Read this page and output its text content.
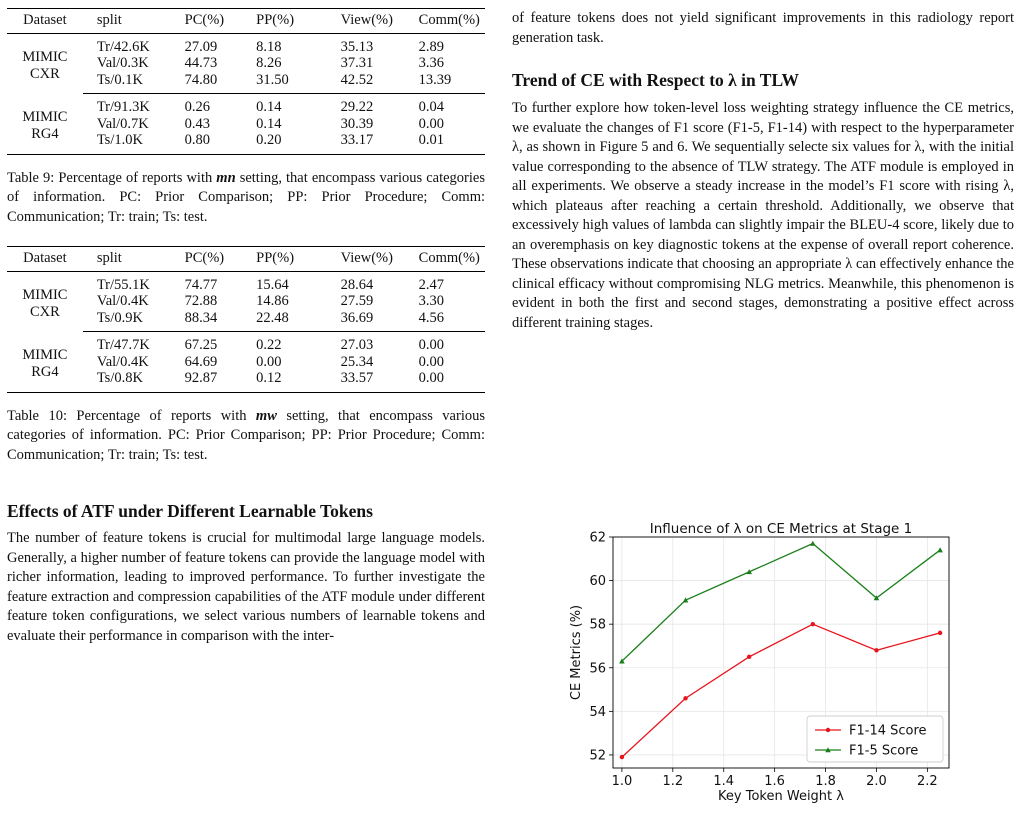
Dataset	split	PC(%)	PP(%)	View(%)	Comm(%)

MIMIC
CXR	Tr/42.6K	27.09	8.18	35.13	2.89
	Val/0.3K	44.73	8.26	37.31	3.36
	Ts/0.1K	74.80	31.50	42.52	13.39

MIMIC
RG4	Tr/91.3K	0.26	0.14	29.22	0.04
	Val/0.7K	0.43	0.14	30.39	0.00
	Ts/1.0K	0.80	0.20	33.17	0.01

Table 9: Percentage of reports with mn setting, that encompass various categories of information. PC: Prior Comparison; PP: Prior Procedure; Comm: Communication; Tr: train; Ts: test.

Dataset	split	PC(%)	PP(%)	View(%)	Comm(%)

MIMIC
CXR	Tr/55.1K	74.77	15.64	28.64	2.47
	Val/0.4K	72.88	14.86	27.59	3.30
	Ts/0.9K	88.34	22.48	36.69	4.56

MIMIC
RG4	Tr/47.7K	67.25	0.22	27.03	0.00
	Val/0.4K	64.69	0.00	25.34	0.00
	Ts/0.8K	92.87	0.12	33.57	0.00

Table 10: Percentage of reports with mw setting, that encompass various categories of information. PC: Prior Comparison; PP: Prior Procedure; Comm: Communication; Tr: train; Ts: test.

Effects of ATF under Different Learnable Tokens

The number of feature tokens is crucial for multimodal large language models. Generally, a higher number of feature tokens can provide the language model with richer information, leading to improved performance. To further investigate the feature extraction and compression capabilities of the ATF module under different feature token configurations, we select various numbers of learnable tokens and evaluate their performance in comparison with the inter-

of feature tokens does not yield significant improvements in this radiology report generation task.

Trend of CE with Respect to λ in TLW

To further explore how token-level loss weighting strategy influence the CE metrics, we evaluate the changes of F1 score (F1-5, F1-14) with respect to the hyperparameter λ, as shown in Figure 5 and 6. We sequentially selecte six values for λ, with the initial value corresponding to the absence of TLW strategy. The ATF module is employed in all experiments. We observe a steady increase in the model’s F1 score with rising λ, which plateaus after reaching a certain threshold. Additionally, we observe that excessively high values of lambda can slightly impair the BLEU-4 score, likely due to an overemphasis on key diagnostic tokens at the expense of overall report coherence. These observations indicate that choosing an appropriate λ can effectively enhance the clinical efficacy without compromising NLG metrics. Meanwhile, this phenomenon is evident in both the first and second stages, demonstrating a positive effect across different training stages.

1.0 1.2 1.4 1.6 1.8 2.0 2.2
52
54
56
58
60
62
Influence of λ on CE Metrics at Stage 1
Key Token Weight λ
CE Metrics (%)
F1-14 Score
F1-5 Score
